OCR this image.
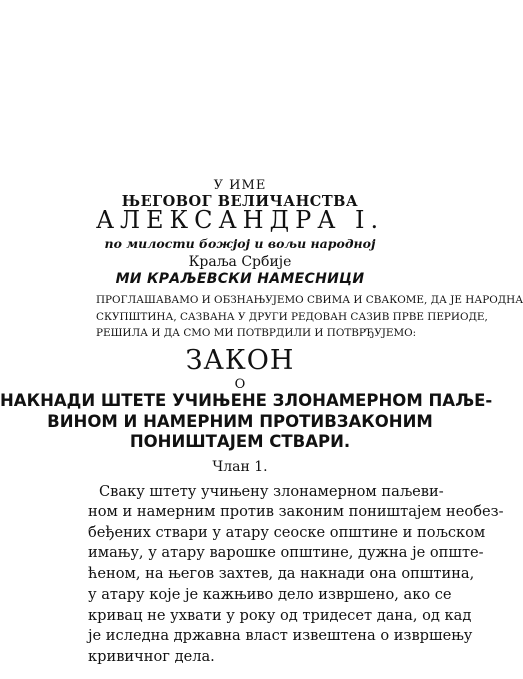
У ИМЕ
ЊЕГОВОГ ВЕЛИЧАНСТВА
АЛЕКСАНДРА I.
по милости божјој и вољи народној
Краља Србије
МИ КРАЉЕВСКИ НАМЕСНИЦИ
ПРОГЛАШАВАМО И ОБЗНАЊУЈЕМО СВИМА И СВАКОМЕ, ДА ЈЕ НАРОДНА
СКУПШТИНА, САЗВАНА У ДРУГИ РЕДОВАН САЗИВ ПРВЕ ПЕРИОДЕ,
РЕШИЛА И ДА СМО МИ ПОТВРДИЛИ И ПОТВРЂУЈЕМО:
ЗАКОН
О
НАКНАДИ ШТЕТЕ УЧИЊЕНЕ ЗЛОНАМЕРНОМ ПАЉЕ-
ВИНОМ И НАМЕРНИМ ПРОТИВЗАКОНИМ
ПОНИШТАЈЕМ СТВАРИ.
Члан 1.
Сваку штету учињену злонамерном паљеви-
ном и намерним против законим поништајем необез-
беђених ствари у атару сеоске општине и пољском
имању, у атару варошке општине, дужна је опште-
ћеном, на његов захтев, да накнади она општина,
у атару које је кажњиво дело извршено, ако се
кривац не ухвати у року од тридесет дана, од кад
је иследна државна власт извештена о извршењу
кривичног дела.
